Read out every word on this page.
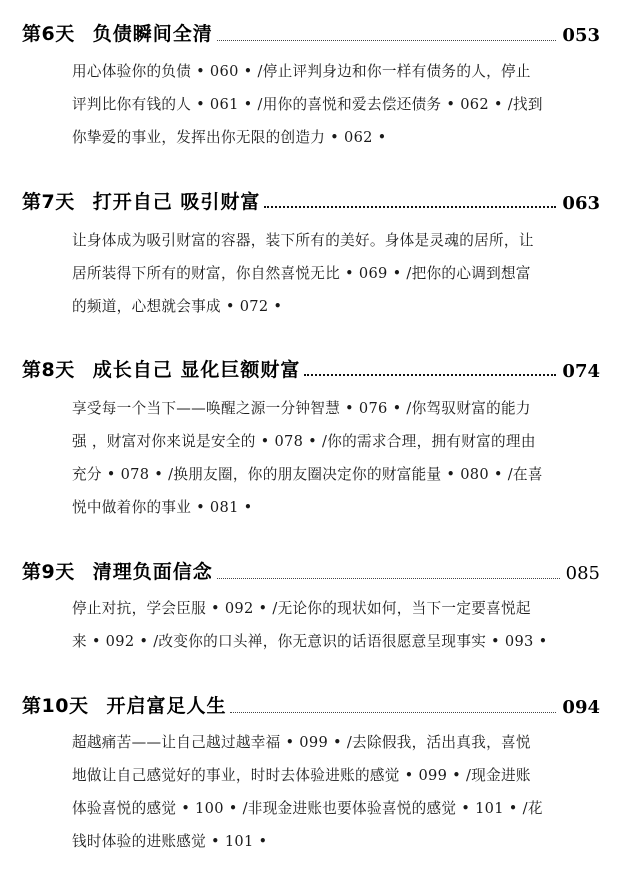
第6天 负债瞬间全清	053
用心体验你的负债 • 060 • /停止评判身边和你一样有债务的人，停止
评判比你有钱的人 • 061 • /用你的喜悦和爱去偿还债务 • 062 • /找到
你挚爱的事业，发挥出你无限的创造力 • 062 •
第7天 打开自己 吸引财富	063
让身体成为吸引财富的容器，装下所有的美好。身体是灵魂的居所，让
居所装得下所有的财富，你自然喜悦无比 • 069 • /把你的心调到想富
的频道，心想就会事成 • 072 •
第8天 成长自己 显化巨额财富	074
享受每一个当下——唤醒之源一分钟智慧 • 076 • /你驾驭财富的能力
强 ，财富对你来说是安全的 • 078 • /你的需求合理，拥有财富的理由
充分 • 078 • /换朋友圈，你的朋友圈决定你的财富能量 • 080 • /在喜
悦中做着你的事业 • 081 •
第9天 清理负面信念	085
停止对抗，学会臣服 • 092 • /无论你的现状如何，当下一定要喜悦起
来 • 092 • /改变你的口头禅，你无意识的话语很愿意呈现事实 • 093 •
第10天 开启富足人生	094
超越痛苦——让自己越过越幸福 • 099 • /去除假我，活出真我，喜悦
地做让自己感觉好的事业，时时去体验进账的感觉 • 099 • /现金进账
体验喜悦的感觉 • 100 • /非现金进账也要体验喜悦的感觉 • 101 • /花
钱时体验的进账感觉 • 101 •
